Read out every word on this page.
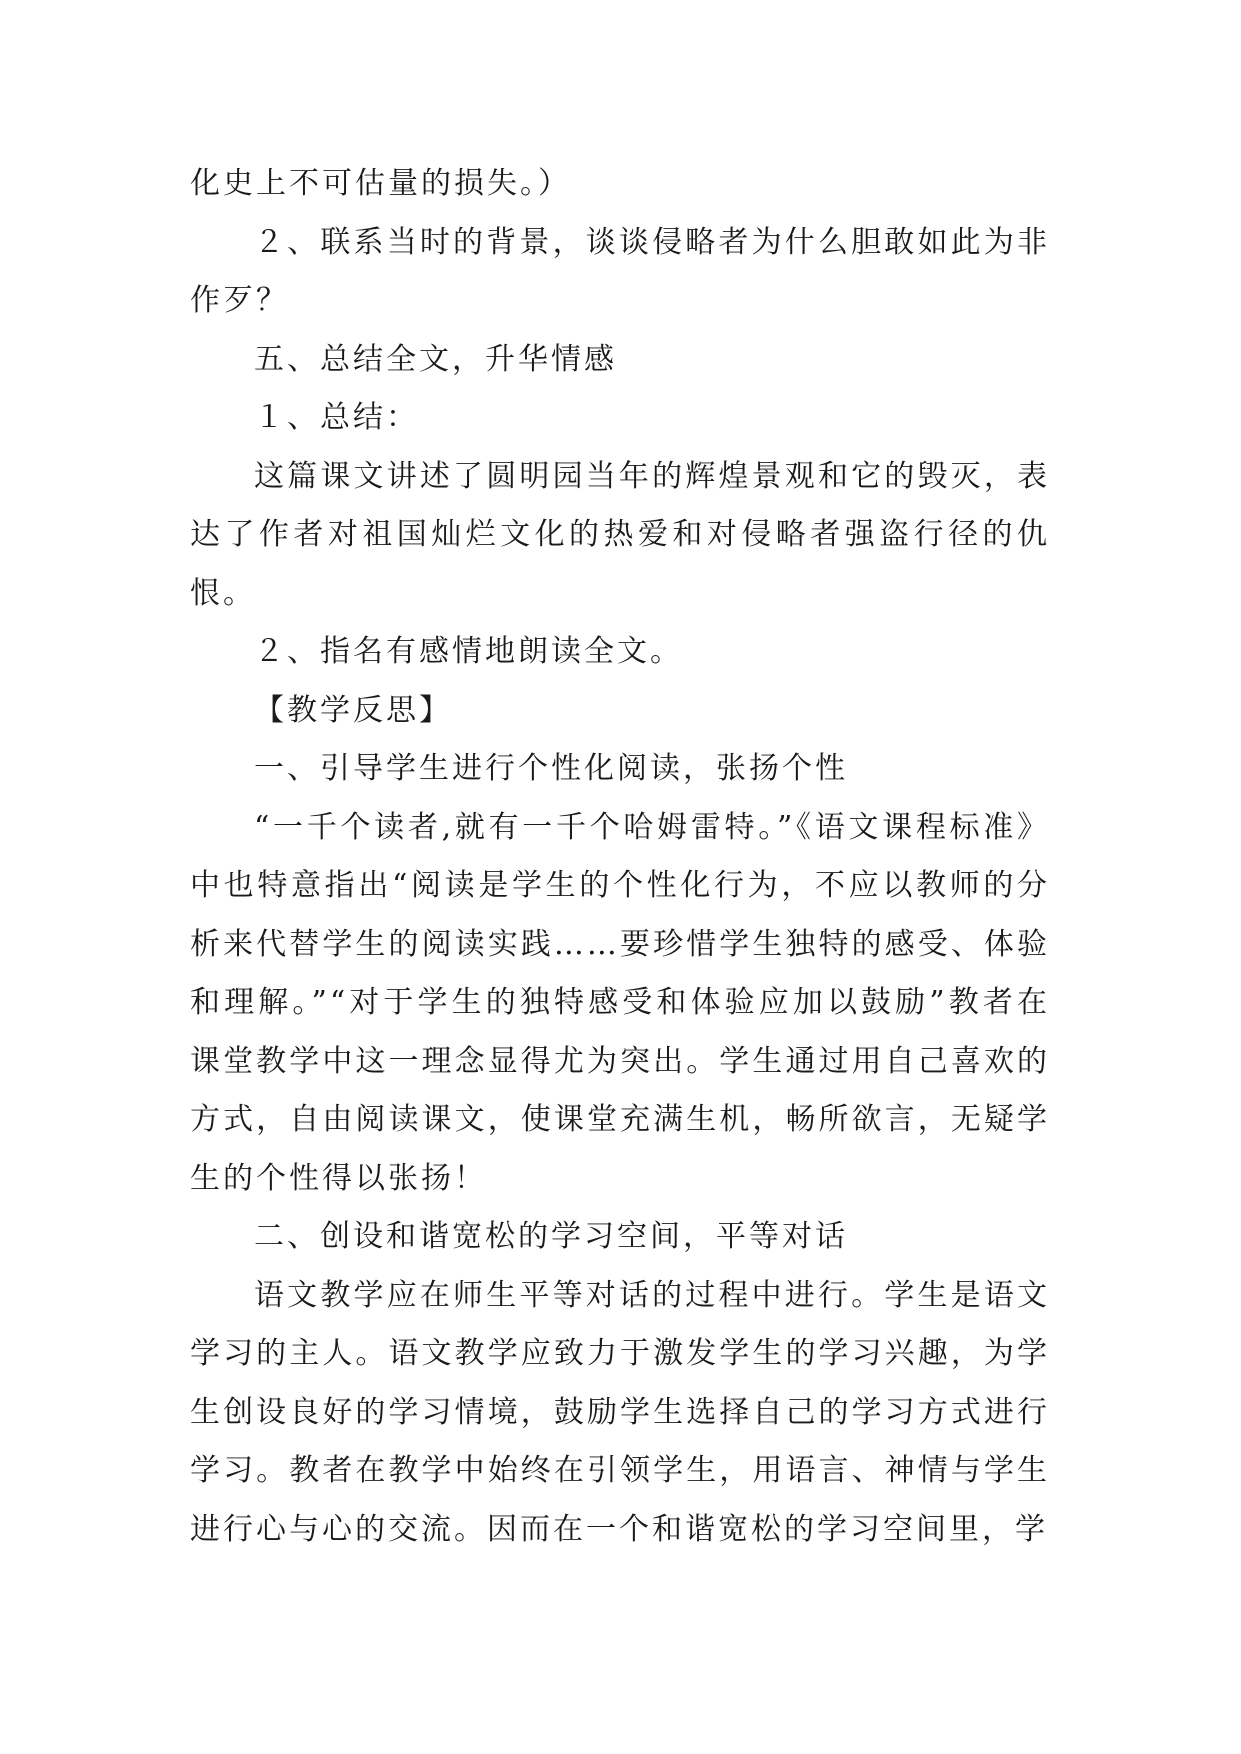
化史上不可估量的损失。）

２、联系当时的背景，谈谈侵略者为什么胆敢如此为非作歹？

五、总结全文，升华情感

１、总结：

这篇课文讲述了圆明园当年的辉煌景观和它的毁灭，表达了作者对祖国灿烂文化的热爱和对侵略者强盗行径的仇恨。

２、指名有感情地朗读全文。

【教学反思】

一、引导学生进行个性化阅读，张扬个性

“一千个读者,就有一千个哈姆雷特。”《语文课程标准》中也特意指出“阅读是学生的个性化行为，不应以教师的分析来代替学生的阅读实践……要珍惜学生独特的感受、体验和理解。”“对于学生的独特感受和体验应加以鼓励”教者在课堂教学中这一理念显得尤为突出。学生通过用自己喜欢的方式，自由阅读课文，使课堂充满生机，畅所欲言，无疑学生的个性得以张扬！

二、创设和谐宽松的学习空间，平等对话

语文教学应在师生平等对话的过程中进行。学生是语文学习的主人。语文教学应致力于激发学生的学习兴趣，为学生创设良好的学习情境，鼓励学生选择自己的学习方式进行学习。教者在教学中始终在引领学生，用语言、神情与学生进行心与心的交流。因而在一个和谐宽松的学习空间里，学
